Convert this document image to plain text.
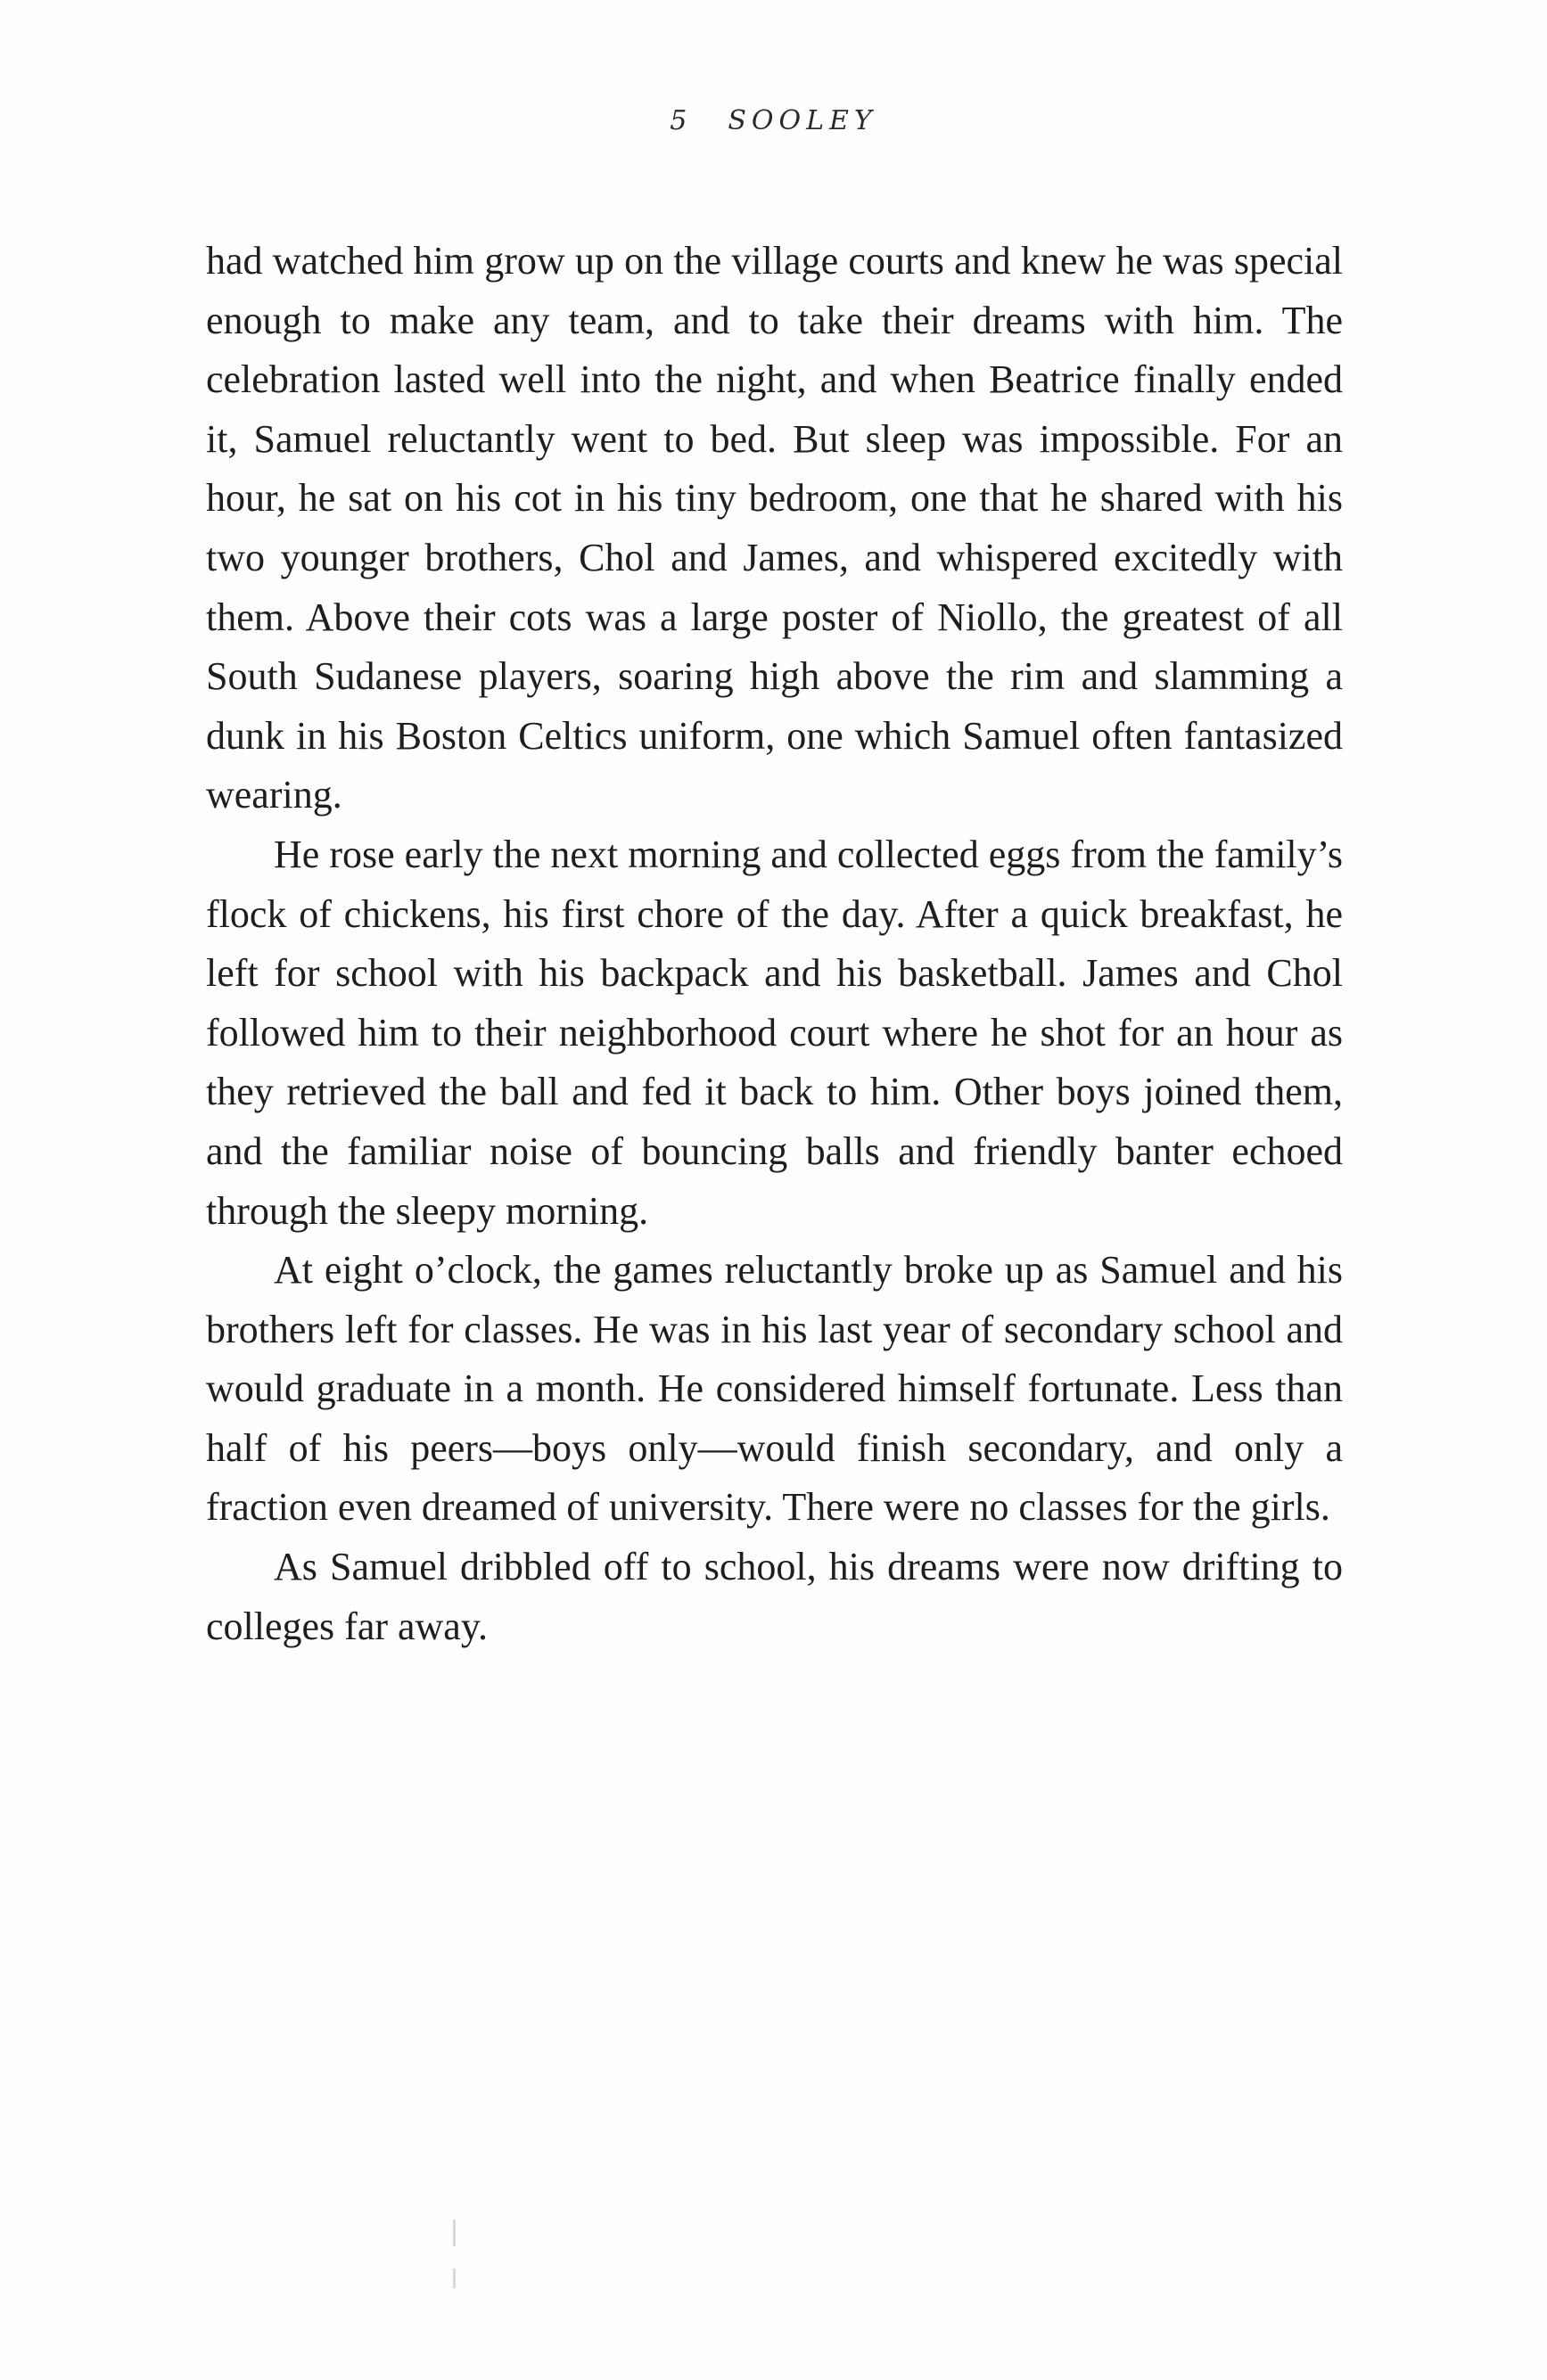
5 SOOLEY

had watched him grow up on the village courts and knew he was special enough to make any team, and to take their dreams with him. The celebration lasted well into the night, and when Beatrice finally ended it, Samuel reluctantly went to bed. But sleep was impossible. For an hour, he sat on his cot in his tiny bedroom, one that he shared with his two younger brothers, Chol and James, and whispered excitedly with them. Above their cots was a large poster of Niollo, the greatest of all South Sudanese players, soaring high above the rim and slamming a dunk in his Boston Celtics uniform, one which Samuel often fantasized wearing.

He rose early the next morning and collected eggs from the family’s flock of chickens, his first chore of the day. After a quick breakfast, he left for school with his backpack and his basketball. James and Chol followed him to their neighborhood court where he shot for an hour as they retrieved the ball and fed it back to him. Other boys joined them, and the familiar noise of bouncing balls and friendly banter echoed through the sleepy morning.

At eight o’clock, the games reluctantly broke up as Samuel and his brothers left for classes. He was in his last year of secondary school and would graduate in a month. He considered himself fortunate. Less than half of his peers—boys only—would finish secondary, and only a fraction even dreamed of university. There were no classes for the girls.

As Samuel dribbled off to school, his dreams were now drifting to colleges far away.
